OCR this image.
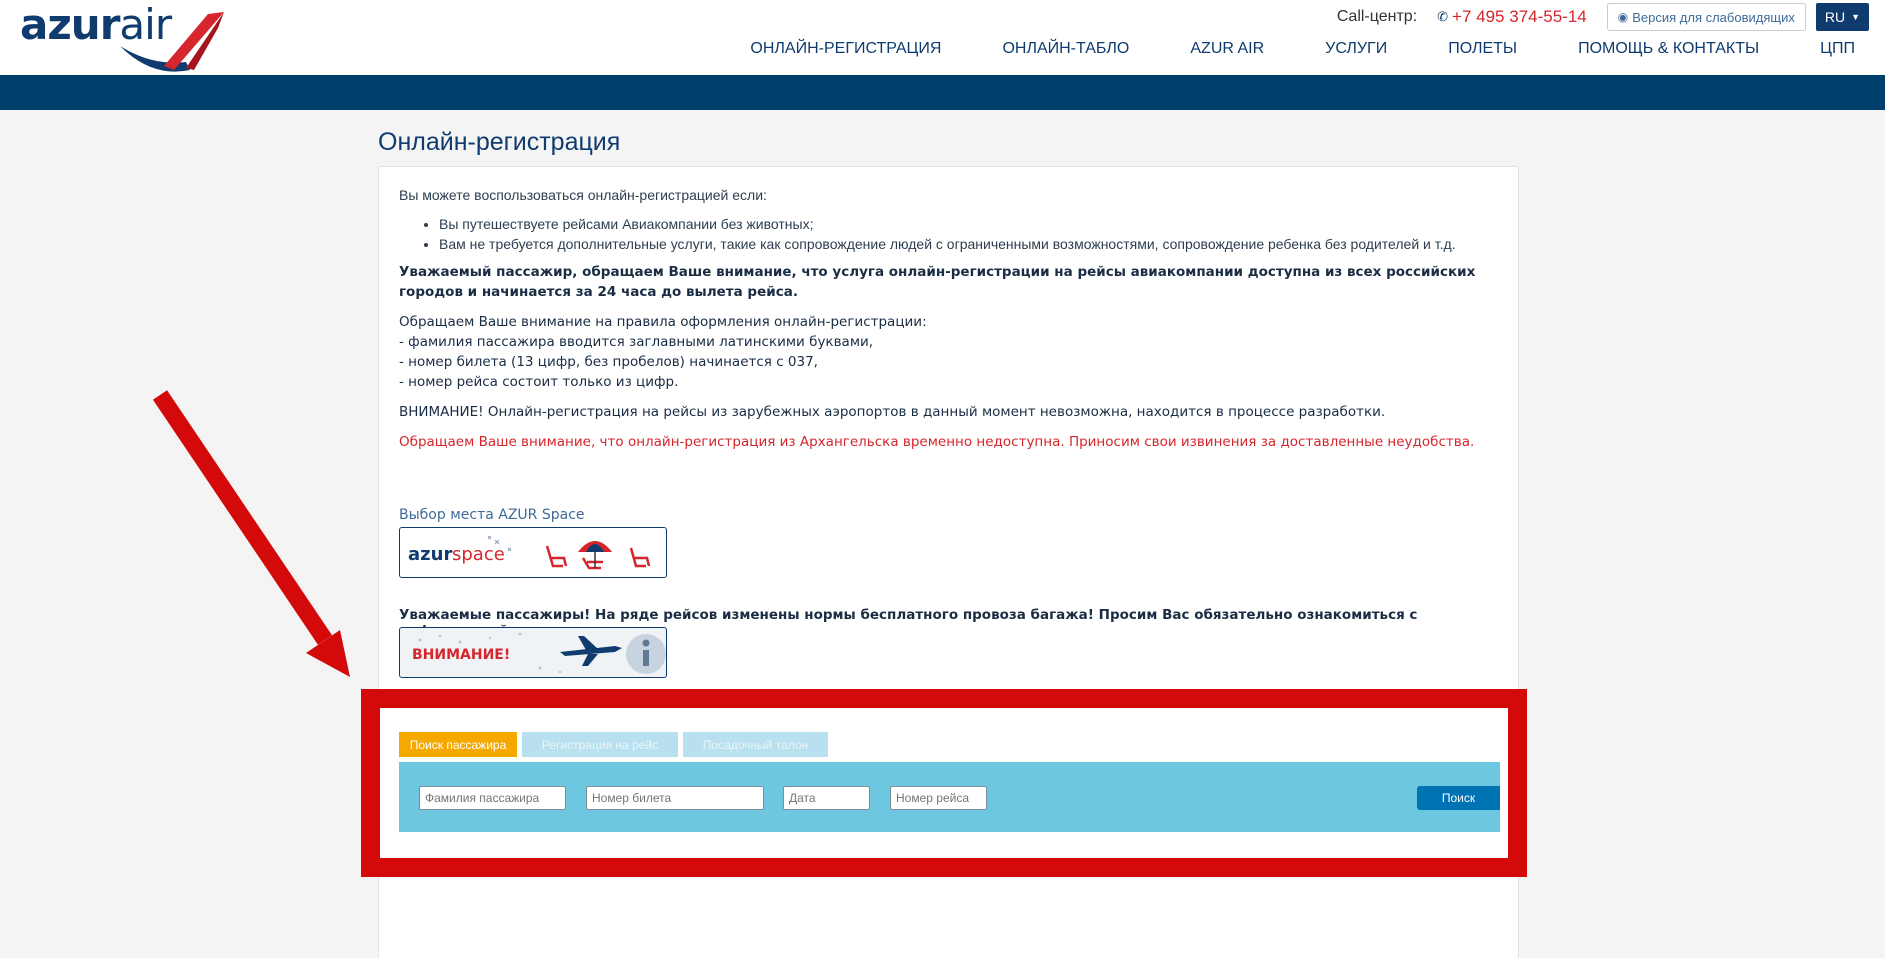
azurair	Call-центр: ✆ +7 495 374-55-14	◉ Версия для слабовидящих RU ▼
ОНЛАЙН-РЕГИСТРАЦИЯ	ОНЛАЙН-ТАБЛО	AZUR AIR	УСЛУГИ	ПОЛЕТЫ	ПОМОЩЬ & КОНТАКТЫ	ЦПП
Онлайн-регистрация

Вы можете воспользоваться онлайн-регистрацией если:

• Вы путешествуете рейсами Авиакомпании без животных;
• Вам не требуется дополнительные услуги, такие как сопровождение людей с ограниченными возможностями, сопровождение ребенка без родителей и т.д.

Уважаемый пассажир, обращаем Ваше внимание, что услуга онлайн-регистрации на рейсы авиакомпании доступна из всех российских городов и начинается за 24 часа до вылета рейса.

Обращаем Ваше внимание на правила оформления онлайн-регистрации:
- фамилия пассажира вводится заглавными латинскими буквами,
- номер билета (13 цифр, без пробелов) начинается с 037,
- номер рейса состоит только из цифр.

ВНИМАНИЕ! Онлайн-регистрация на рейсы из зарубежных аэропортов в данный момент невозможна, находится в процессе разработки.

Обращаем Ваше внимание, что онлайн-регистрация из Архангельска временно недоступна. Приносим свои извинения за доставленные неудобства.

Выбор места AZUR Space
azur space

Уважаемые пассажиры! На ряде рейсов изменены нормы бесплатного провоза багажа! Просим Вас обязательно ознакомиться с

ВНИМАНИЕ!
Поиск пассажира	Регистрация на рейс	Посадочный талон
Фамилия пассажира
Номер билета
Дата
Номер рейса
Поиск
